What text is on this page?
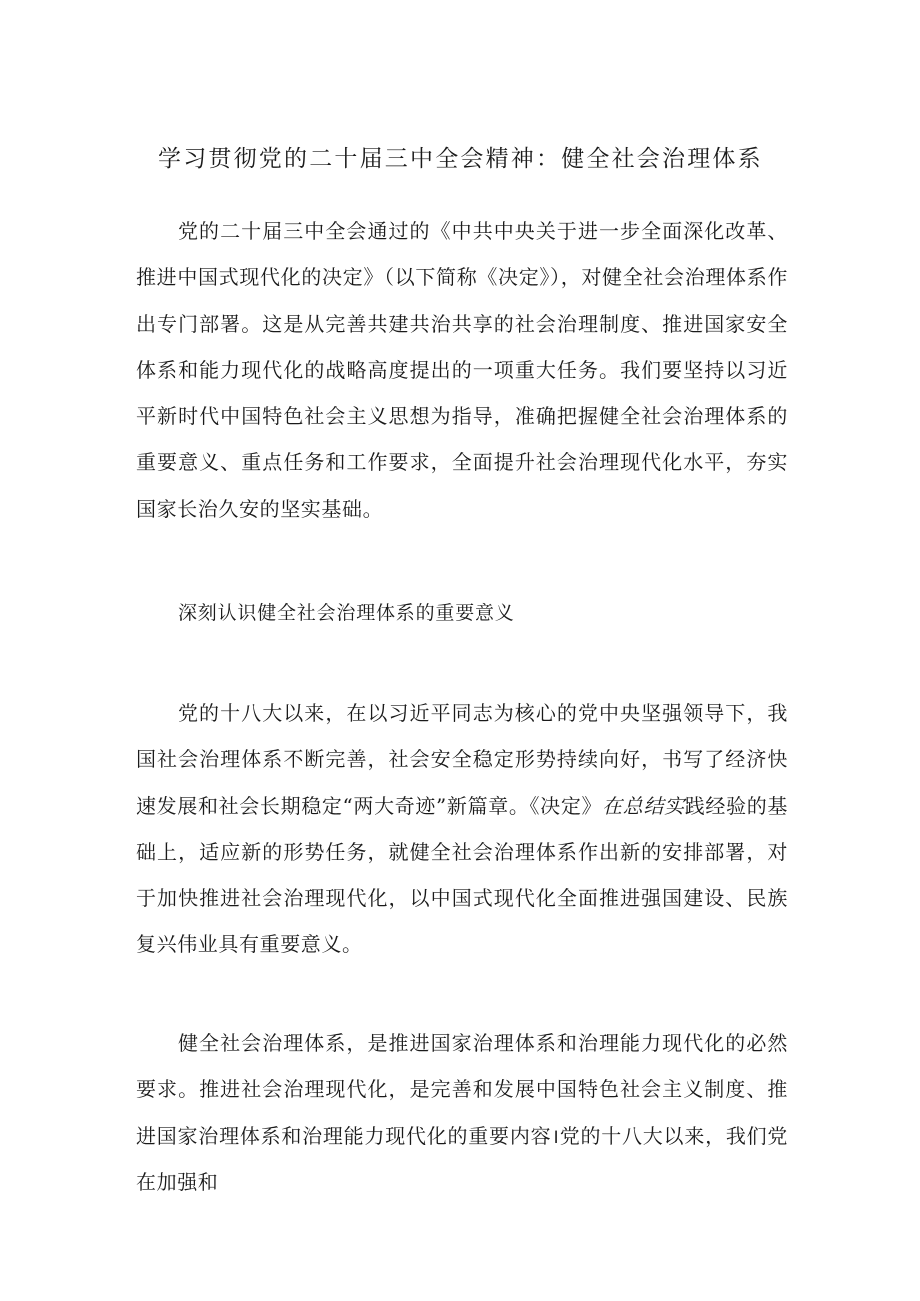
学习贯彻党的二十届三中全会精神：健全社会治理体系

党的二十届三中全会通过的《中共中央关于进一步全面深化改革、推进中国式现代化的决定》（以下简称《决定》），对健全社会治理体系作出专门部署。这是从完善共建共治共享的社会治理制度、推进国家安全体系和能力现代化的战略高度提出的一项重大任务。我们要坚持以习近平新时代中国特色社会主义思想为指导，准确把握健全社会治理体系的重要意义、重点任务和工作要求，全面提升社会治理现代化水平，夯实国家长治久安的坚实基础。

深刻认识健全社会治理体系的重要意义

党的十八大以来，在以习近平同志为核心的党中央坚强领导下，我国社会治理体系不断完善，社会安全稳定形势持续向好，书写了经济快速发展和社会长期稳定“两大奇迹”新篇章。《决定》在总结实践经验的基础上，适应新的形势任务，就健全社会治理体系作出新的安排部署，对于加快推进社会治理现代化，以中国式现代化全面推进强国建设、民族复兴伟业具有重要意义。

健全社会治理体系，是推进国家治理体系和治理能力现代化的必然要求。推进社会治理现代化，是完善和发展中国特色社会主义制度、推进国家治理体系和治理能力现代化的重要内容।党的十八大以来，我们党在加强和
